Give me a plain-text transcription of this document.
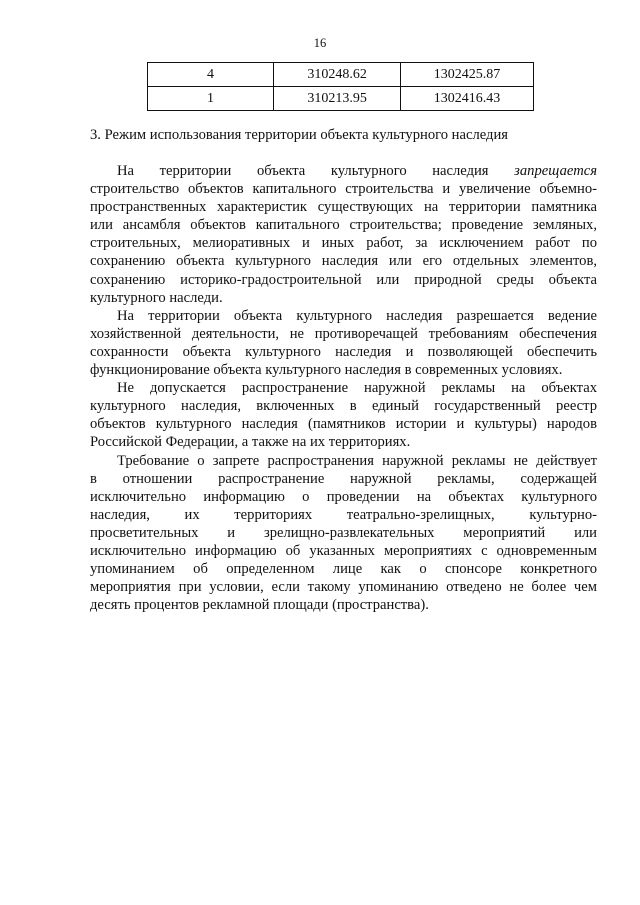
16
4	310248.62	1302425.87
1	310213.95	1302416.43
3. Режим использования территории объекта культурного наследия

На территории объекта культурного наследия запрещается
строительство объектов капитального строительства и увеличение объемно-
пространственных характеристик существующих на территории памятника
или ансамбля объектов капитального строительства; проведение земляных,
строительных, мелиоративных и иных работ, за исключением работ по
сохранению объекта культурного наследия или его отдельных элементов,
сохранению историко-градостроительной или природной среды объекта
культурного наследи.

На территории объекта культурного наследия разрешается ведение
хозяйственной деятельности, не противоречащей требованиям обеспечения
сохранности объекта культурного наследия и позволяющей обеспечить
функционирование объекта культурного наследия в современных условиях.

Не допускается распространение наружной рекламы на объектах
культурного наследия, включенных в единый государственный реестр
объектов культурного наследия (памятников истории и культуры) народов
Российской Федерации, а также на их территориях.

Требование о запрете распространения наружной рекламы не действует
в отношении распространение наружной рекламы, содержащей
исключительно информацию о проведении на объектах культурного
наследия, их территориях театрально-зрелищных, культурно-
просветительных и зрелищно-развлекательных мероприятий или
исключительно информацию об указанных мероприятиях с одновременным
упоминанием об определенном лице как о спонсоре конкретного
мероприятия при условии, если такому упоминанию отведено не более чем
десять процентов рекламной площади (пространства).
